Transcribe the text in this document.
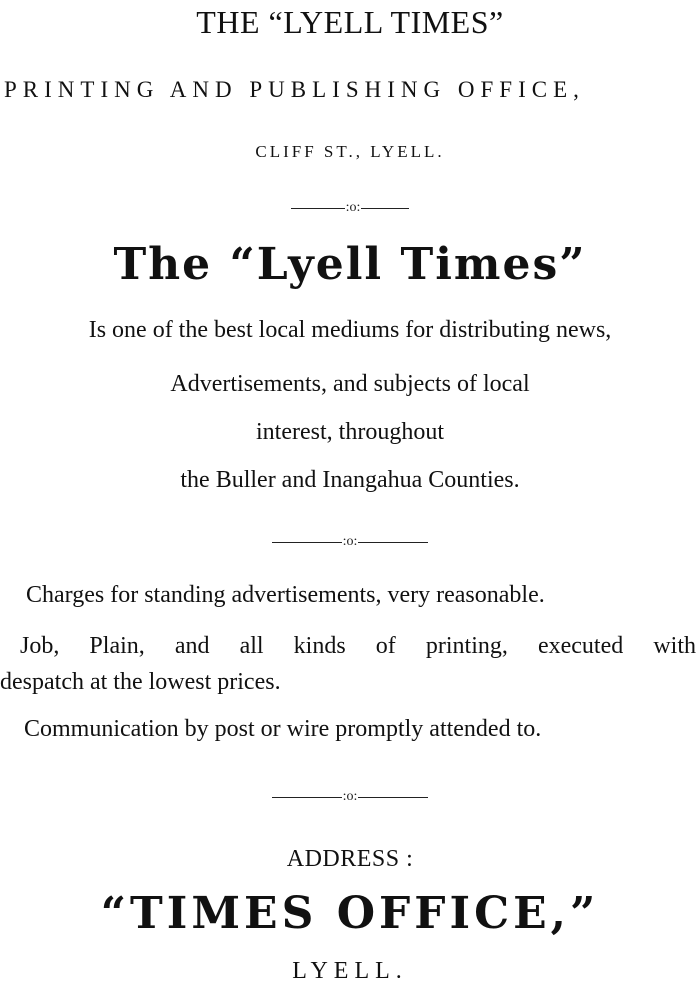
THE “LYELL TIMES”
PRINTING AND PUBLISHING OFFICE,
CLIFF ST., LYELL.
:o:
The “Lyell Times”
Is one of the best local mediums for distributing news,
Advertisements, and subjects of local
interest, throughout
the Buller and Inangahua Counties.
:o:
Charges for standing advertisements, very reasonable.
Job, Plain, and all kinds of printing, executed with
despatch at the lowest prices.
Communication by post or wire promptly attended to.
:o:
ADDRESS :
“TIMES OFFICE,”
LYELL.
